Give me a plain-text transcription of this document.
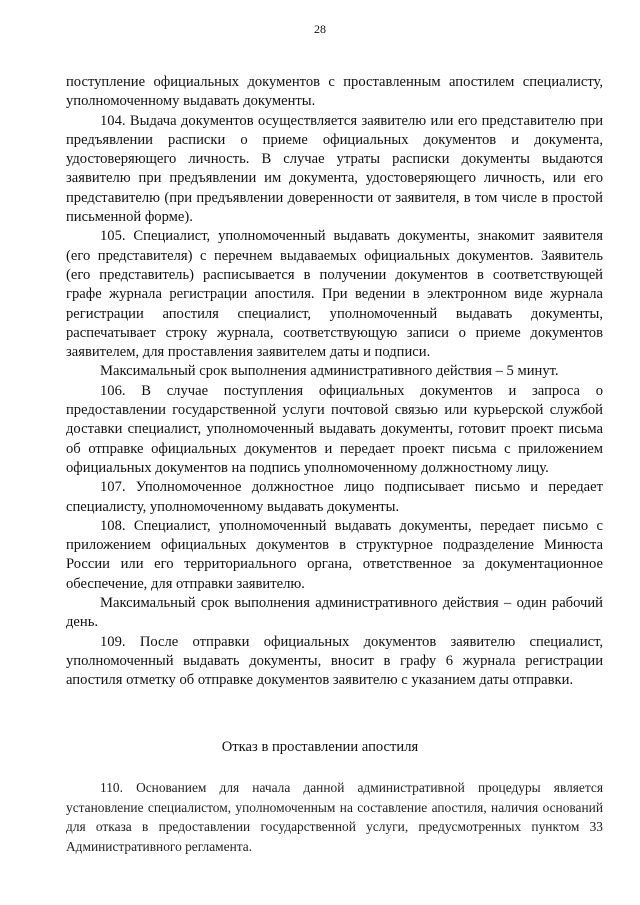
28

поступление официальных документов с проставленным апостилем специалисту, уполномоченному выдавать документы.

104. Выдача документов осуществляется заявителю или его представителю при предъявлении расписки о приеме официальных документов и документа, удостоверяющего личность. В случае утраты расписки документы выдаются заявителю при предъявлении им документа, удостоверяющего личность, или его представителю (при предъявлении доверенности от заявителя, в том числе в простой письменной форме).

105. Специалист, уполномоченный выдавать документы, знакомит заявителя (его представителя) с перечнем выдаваемых официальных документов. Заявитель (его представитель) расписывается в получении документов в соответствующей графе журнала регистрации апостиля. При ведении в электронном виде журнала регистрации апостиля специалист, уполномоченный выдавать документы, распечатывает строку журнала, соответствующую записи о приеме документов заявителем, для проставления заявителем даты и подписи.

Максимальный срок выполнения административного действия – 5 минут.

106. В случае поступления официальных документов и запроса о предоставлении государственной услуги почтовой связью или курьерской службой доставки специалист, уполномоченный выдавать документы, готовит проект письма об отправке официальных документов и передает проект письма с приложением официальных документов на подпись уполномоченному должностному лицу.

107. Уполномоченное должностное лицо подписывает письмо и передает специалисту, уполномоченному выдавать документы.

108. Специалист, уполномоченный выдавать документы, передает письмо с приложением официальных документов в структурное подразделение Минюста России или его территориального органа, ответственное за документационное обеспечение, для отправки заявителю.

Максимальный срок выполнения административного действия – один рабочий день.

109. После отправки официальных документов заявителю специалист, уполномоченный выдавать документы, вносит в графу 6 журнала регистрации апостиля отметку об отправке документов заявителю с указанием даты отправки.

Отказ в проставлении апостиля

110. Основанием для начала данной административной процедуры является установление специалистом, уполномоченным на составление апостиля, наличия оснований для отказа в предоставлении государственной услуги, предусмотренных пунктом 33 Административного регламента.
